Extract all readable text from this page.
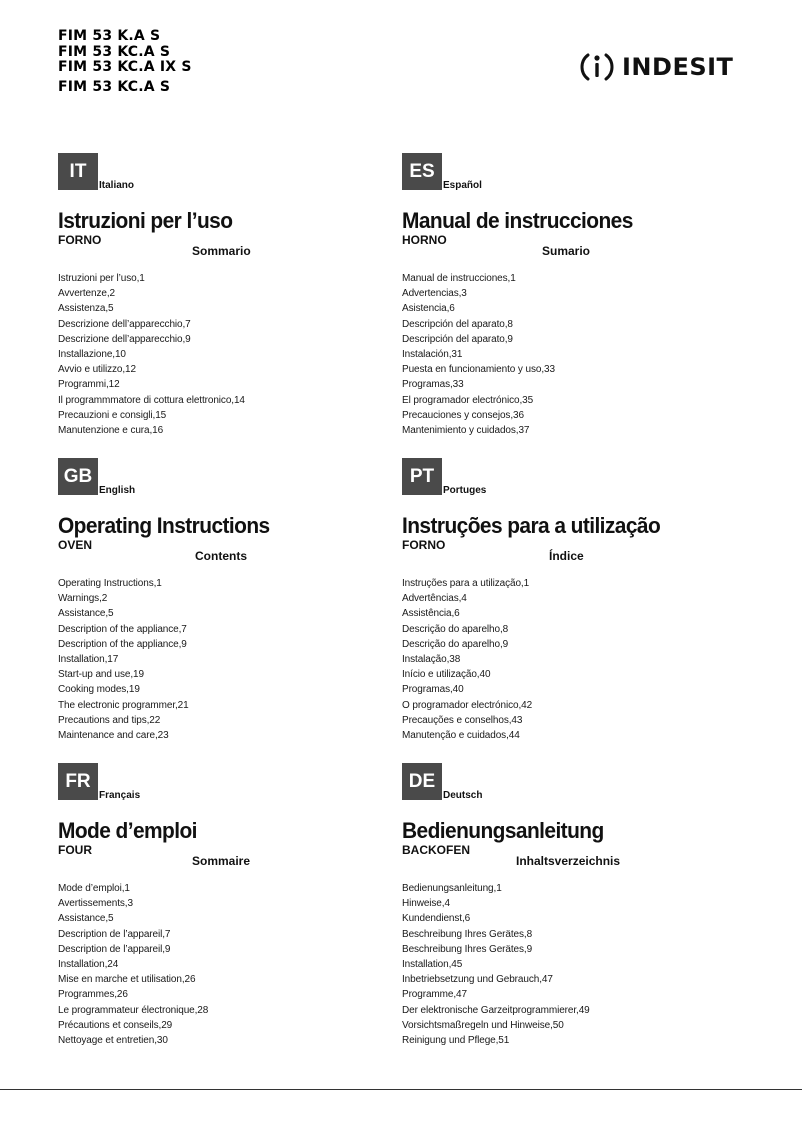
FIM 53 K.A S
FIM 53 KC.A S
FIM 53 KC.A IX S
FIM 53 KC.A S
INDESIT
IT
Italiano
Istruzioni per l’uso
FORNO
Sommario
Istruzioni per l’uso,1
Avvertenze,2
Assistenza,5
Descrizione dell’apparecchio,7
Descrizione dell’apparecchio,9
Installazione,10
Avvio e utilizzo,12
Programmi,12
Il programmmatore di cottura elettronico,14
Precauzioni e consigli,15
Manutenzione e cura,16
ES
Español
Manual de instrucciones
HORNO
Sumario
Manual de instrucciones,1
Advertencias,3
Asistencia,6
Descripción del aparato,8
Descripción del aparato,9
Instalación,31
Puesta en funcionamiento y uso,33
Programas,33
El programador electrónico,35
Precauciones y consejos,36
Mantenimiento y cuidados,37
GB
English
Operating Instructions
OVEN
Contents
Operating Instructions,1
Warnings,2
Assistance,5
Description of the appliance,7
Description of the appliance,9
Installation,17
Start-up and use,19
Cooking modes,19
The electronic programmer,21
Precautions and tips,22
Maintenance and care,23
PT
Portuges
Instruções para a utilização
FORNO
Índice
Instruções para a utilização,1
Advertências,4
Assistência,6
Descrição do aparelho,8
Descrição do aparelho,9
Instalação,38
Início e utilização,40
Programas,40
O programador electrónico,42
Precauções e conselhos,43
Manutenção e cuidados,44
FR
Français
Mode d’emploi
FOUR
Sommaire
Mode d’emploi,1
Avertissements,3
Assistance,5
Description de l’appareil,7
Description de l’appareil,9
Installation,24
Mise en marche et utilisation,26
Programmes,26
Le programmateur électronique,28
Précautions et conseils,29
Nettoyage et entretien,30
DE
Deutsch
Bedienungsanleitung
BACKOFEN
Inhaltsverzeichnis
Bedienungsanleitung,1
Hinweise,4
Kundendienst,6
Beschreibung Ihres Gerätes,8
Beschreibung Ihres Gerätes,9
Installation,45
Inbetriebsetzung und Gebrauch,47
Programme,47
Der elektronische Garzeitprogrammierer,49
Vorsichtsmaßregeln und Hinweise,50
Reinigung und Pflege,51
